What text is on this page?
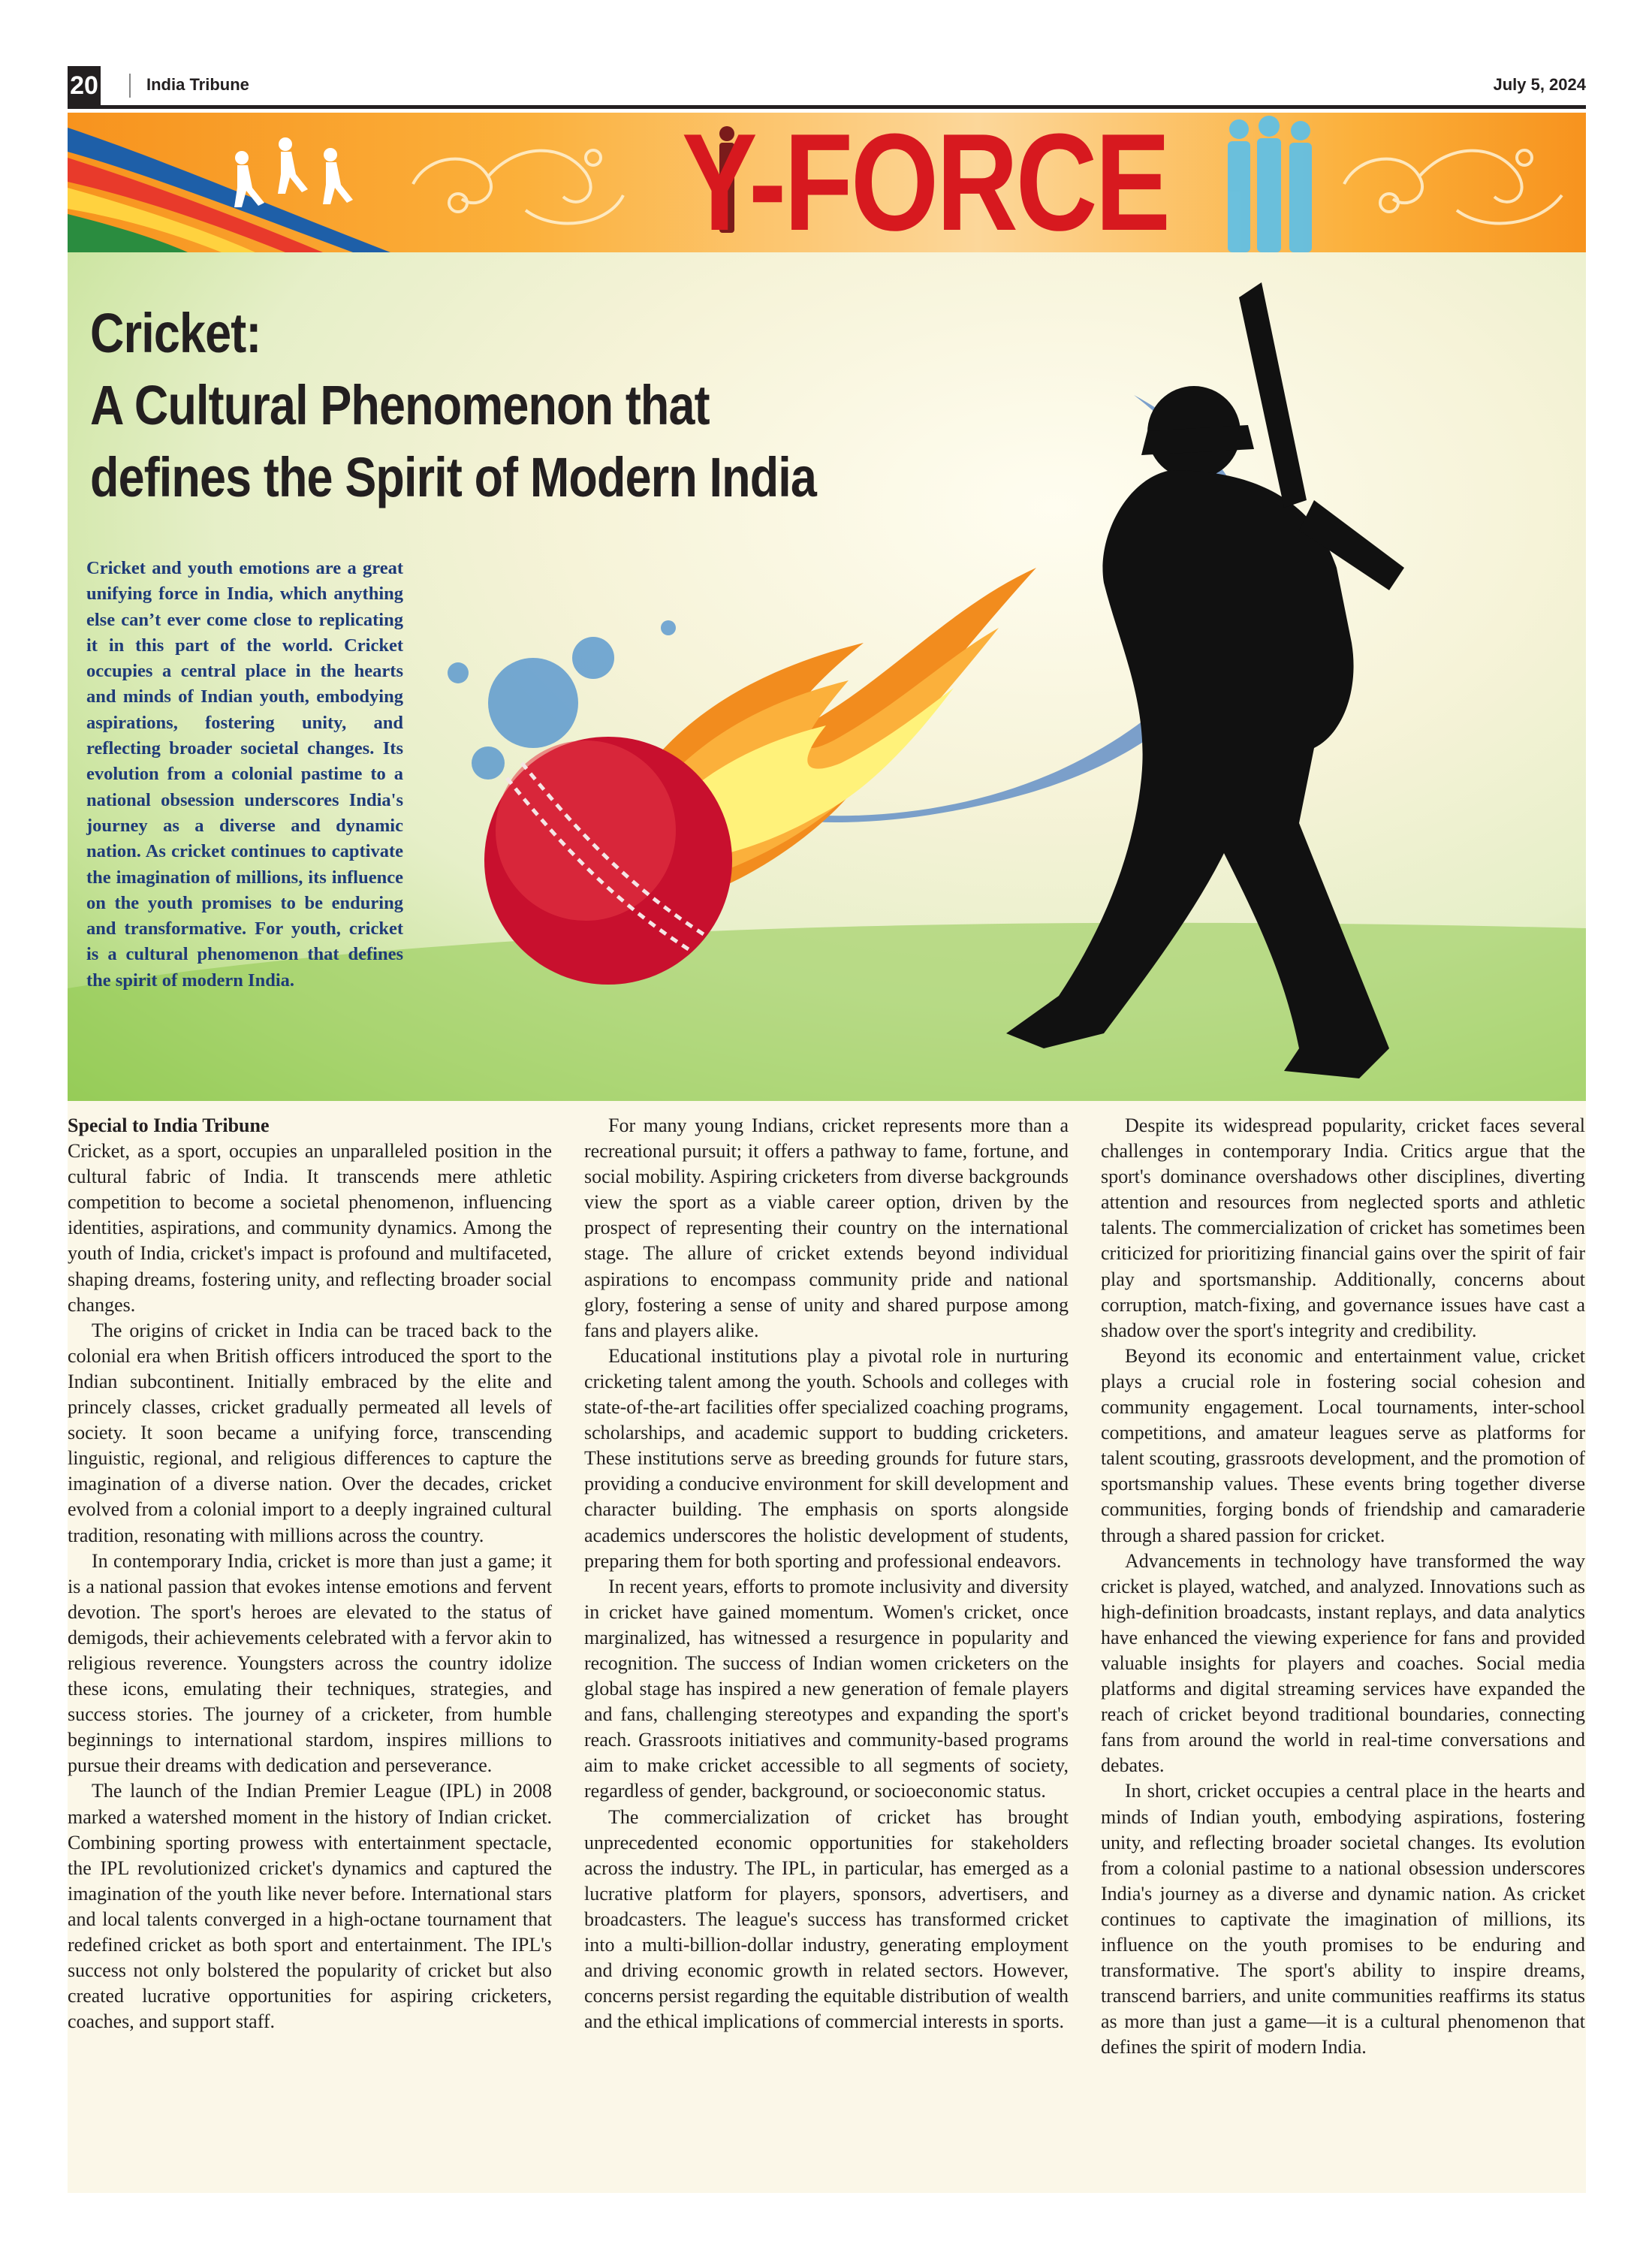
20	India Tribune	July 5, 2024
Y-FORCE
Cricket:
A Cultural Phenomenon that
defines the Spirit of Modern India

Cricket and youth emotions are a great unifying force in India, which anything else can’t ever come close to replicating it in this part of the world. Cricket occupies a central place in the hearts and minds of Indian youth, embodying aspirations, fostering unity, and reflecting broader societal changes. Its evolution from a colonial pastime to a national obsession underscores India's journey as a diverse and dynamic nation. As cricket continues to captivate the imagination of millions, its influence on the youth promises to be enduring and transformative. For youth, cricket is a cultural phenomenon that defines the spirit of modern India.

Special to India Tribune

Cricket, as a sport, occupies an unparalleled position in the cultural fabric of India. It transcends mere athletic competition to become a societal phenomenon, influencing identities, aspirations, and community dynamics. Among the youth of India, cricket's impact is profound and multifaceted, shaping dreams, fostering unity, and reflecting broader social changes.

The origins of cricket in India can be traced back to the colonial era when British officers introduced the sport to the Indian subcontinent. Initially embraced by the elite and princely classes, cricket gradually permeated all levels of society. It soon became a unifying force, transcending linguistic, regional, and religious differences to capture the imagination of a diverse nation. Over the decades, cricket evolved from a colonial import to a deeply ingrained cultural tradition, resonating with millions across the country.

In contemporary India, cricket is more than just a game; it is a national passion that evokes intense emotions and fervent devotion. The sport's heroes are elevated to the status of demigods, their achievements celebrated with a fervor akin to religious reverence. Youngsters across the country idolize these icons, emulating their techniques, strategies, and success stories. The journey of a cricketer, from humble beginnings to international stardom, inspires millions to pursue their dreams with dedication and perseverance.

The launch of the Indian Premier League (IPL) in 2008 marked a watershed moment in the history of Indian cricket. Combining sporting prowess with entertainment spectacle, the IPL revolutionized cricket's dynamics and captured the imagination of the youth like never before. International stars and local talents converged in a high-octane tournament that redefined cricket as both sport and entertainment. The IPL's success not only bolstered the popularity of cricket but also created lucrative opportunities for aspiring cricketers, coaches, and support staff.

For many young Indians, cricket represents more than a recreational pursuit; it offers a pathway to fame, fortune, and social mobility. Aspiring cricketers from diverse backgrounds view the sport as a viable career option, driven by the prospect of representing their country on the international stage. The allure of cricket extends beyond individual aspirations to encompass community pride and national glory, fostering a sense of unity and shared purpose among fans and players alike.

Educational institutions play a pivotal role in nurturing cricketing talent among the youth. Schools and colleges with state-of-the-art facilities offer specialized coaching programs, scholarships, and academic support to budding cricketers. These institutions serve as breeding grounds for future stars, providing a conducive environment for skill development and character building. The emphasis on sports alongside academics underscores the holistic development of students, preparing them for both sporting and professional endeavors.

In recent years, efforts to promote inclusivity and diversity in cricket have gained momentum. Women's cricket, once marginalized, has witnessed a resurgence in popularity and recognition. The success of Indian women cricketers on the global stage has inspired a new generation of female players and fans, challenging stereotypes and expanding the sport's reach. Grassroots initiatives and community-based programs aim to make cricket accessible to all segments of society, regardless of gender, background, or socioeconomic status.

The commercialization of cricket has brought unprecedented economic opportunities for stakeholders across the industry. The IPL, in particular, has emerged as a lucrative platform for players, sponsors, advertisers, and broadcasters. The league's success has transformed cricket into a multi-billion-dollar industry, generating employment and driving economic growth in related sectors. However, concerns persist regarding the equitable distribution of wealth and the ethical implications of commercial interests in sports.

Despite its widespread popularity, cricket faces several challenges in contemporary India. Critics argue that the sport's dominance overshadows other disciplines, diverting attention and resources from neglected sports and athletic talents. The commercialization of cricket has sometimes been criticized for prioritizing financial gains over the spirit of fair play and sportsmanship. Additionally, concerns about corruption, match-fixing, and governance issues have cast a shadow over the sport's integrity and credibility.

Beyond its economic and entertainment value, cricket plays a crucial role in fostering social cohesion and community engagement. Local tournaments, inter-school competitions, and amateur leagues serve as platforms for talent scouting, grassroots development, and the promotion of sportsmanship values. These events bring together diverse communities, forging bonds of friendship and camaraderie through a shared passion for cricket.

Advancements in technology have transformed the way cricket is played, watched, and analyzed. Innovations such as high-definition broadcasts, instant replays, and data analytics have enhanced the viewing experience for fans and provided valuable insights for players and coaches. Social media platforms and digital streaming services have expanded the reach of cricket beyond traditional boundaries, connecting fans from around the world in real-time conversations and debates.

In short, cricket occupies a central place in the hearts and minds of Indian youth, embodying aspirations, fostering unity, and reflecting broader societal changes. Its evolution from a colonial pastime to a national obsession underscores India's journey as a diverse and dynamic nation. As cricket continues to captivate the imagination of millions, its influence on the youth promises to be enduring and transformative. The sport's ability to inspire dreams, transcend barriers, and unite communities reaffirms its status as more than just a game—it is a cultural phenomenon that defines the spirit of modern India.
